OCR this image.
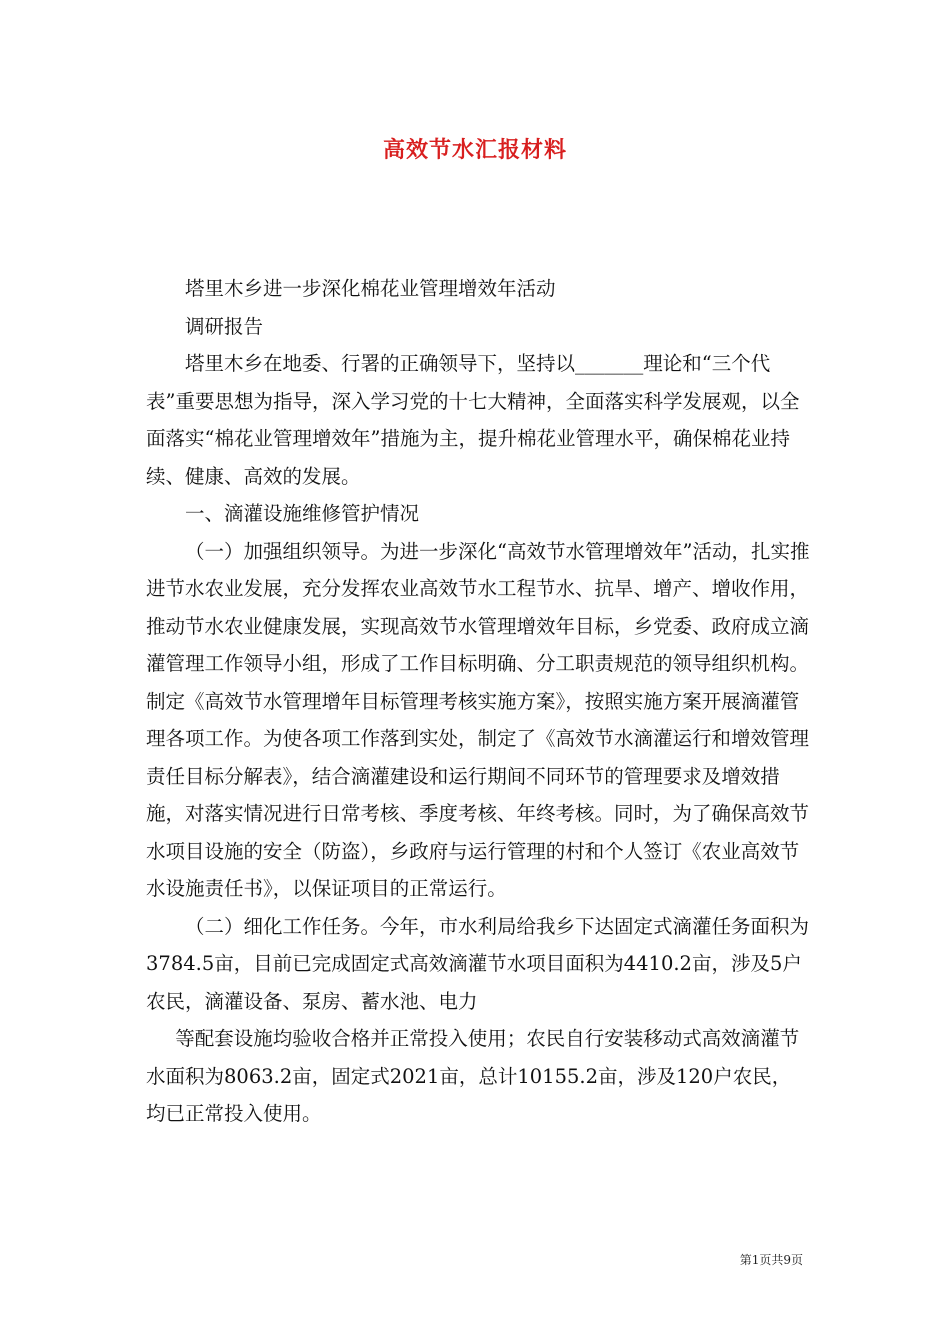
高效节水汇报材料

塔里木乡进一步深化棉花业管理增效年活动

调研报告

塔里木乡在地委、行署的正确领导下，坚持以_______理论和“三个代表”重要思想为指导，深入学习党的十七大精神，全面落实科学发展观，以全面落实“棉花业管理增效年”措施为主，提升棉花业管理水平，确保棉花业持续、健康、高效的发展。

一、滴灌设施维修管护情况

（一）加强组织领导。为进一步深化“高效节水管理增效年”活动，扎实推进节水农业发展，充分发挥农业高效节水工程节水、抗旱、增产、增收作用，推动节水农业健康发展，实现高效节水管理增效年目标，乡党委、政府成立滴灌管理工作领导小组，形成了工作目标明确、分工职责规范的领导组织机构。制定《高效节水管理增年目标管理考核实施方案》，按照实施方案开展滴灌管理各项工作。为使各项工作落到实处，制定了《高效节水滴灌运行和增效管理责任目标分解表》，结合滴灌建设和运行期间不同环节的管理要求及增效措施，对落实情况进行日常考核、季度考核、年终考核。同时，为了确保高效节水项目设施的安全（防盗），乡政府与运行管理的村和个人签订《农业高效节水设施责任书》，以保证项目的正常运行。

（二）细化工作任务。今年，市水利局给我乡下达固定式滴灌任务面积为3784.5亩，目前已完成固定式高效滴灌节水项目面积为4410.2亩，涉及5户农民，滴灌设备、泵房、蓄水池、电力

等配套设施均验收合格并正常投入使用；农民自行安装移动式高效滴灌节水面积为8063.2亩，固定式2021亩，总计10155.2亩，涉及120户农民，均已正常投入使用。

第1页共9页
